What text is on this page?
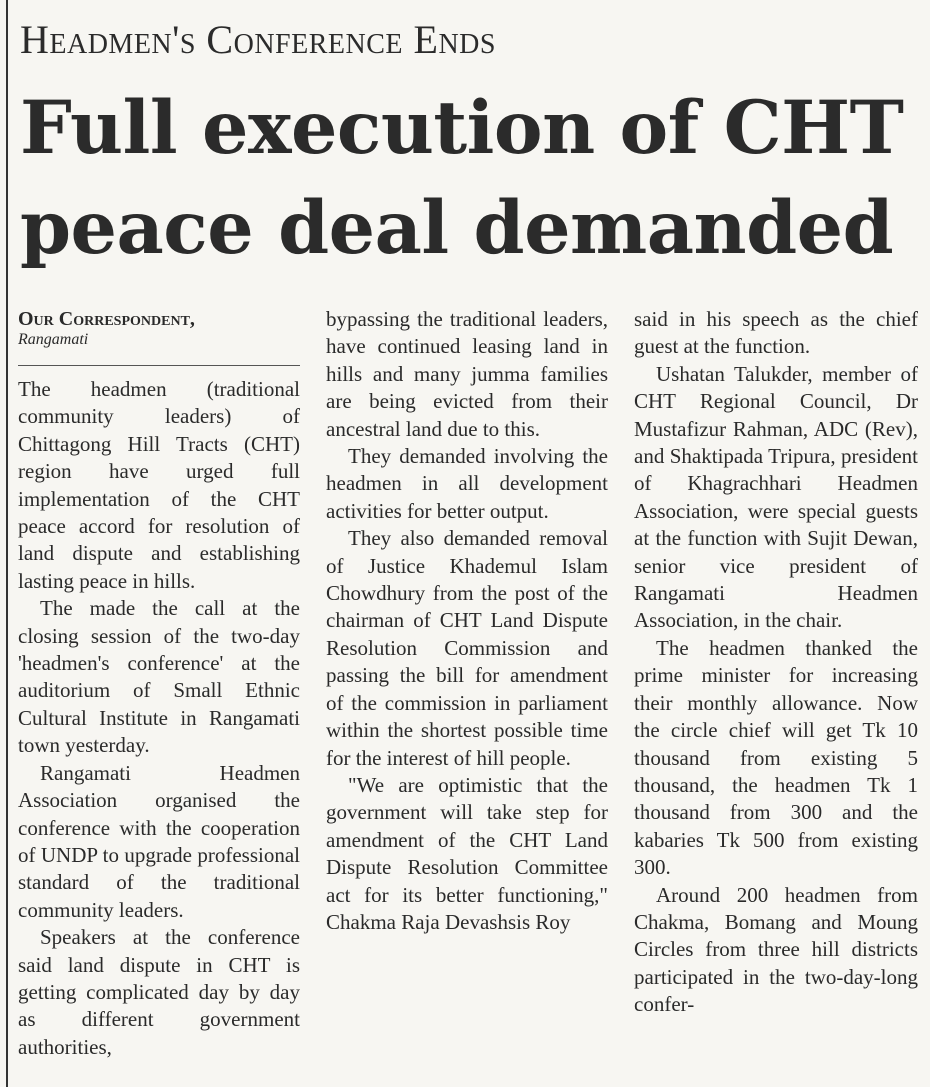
Headmen's Conference Ends
Full execution of CHT
peace deal demanded
Our Correspondent,
Rangamati

The headmen (traditional community leaders) of Chittagong Hill Tracts (CHT) region have urged full implementation of the CHT peace accord for resolution of land dispute and establishing lasting peace in hills.

The made the call at the closing session of the two-day 'headmen's conference' at the auditorium of Small Ethnic Cultural Institute in Rangamati town yesterday.

Rangamati Headmen Association organised the conference with the cooperation of UNDP to upgrade professional standard of the traditional community leaders.

Speakers at the conference said land dispute in CHT is getting complicated day by day as different government authorities,

bypassing the traditional leaders, have continued leasing land in hills and many jumma families are being evicted from their ancestral land due to this.

They demanded involving the headmen in all development activities for better output.

They also demanded removal of Justice Khademul Islam Chowdhury from the post of the chairman of CHT Land Dispute Resolution Commission and passing the bill for amendment of the commission in parliament within the shortest possible time for the interest of hill people.

"We are optimistic that the government will take step for amendment of the CHT Land Dispute Resolution Committee act for its better functioning," Chakma Raja Devashsis Roy

said in his speech as the chief guest at the function.

Ushatan Talukder, member of CHT Regional Council, Dr Mustafizur Rahman, ADC (Rev), and Shaktipada Tripura, president of Khagrachhari Headmen Association, were special guests at the function with Sujit Dewan, senior vice president of Rangamati Headmen Association, in the chair.

The headmen thanked the prime minister for increasing their monthly allowance. Now the circle chief will get Tk 10 thousand from existing 5 thousand, the headmen Tk 1 thousand from 300 and the kabaries Tk 500 from existing 300.

Around 200 headmen from Chakma, Bomang and Moung Circles from three hill districts participated in the two-day-long confer-
